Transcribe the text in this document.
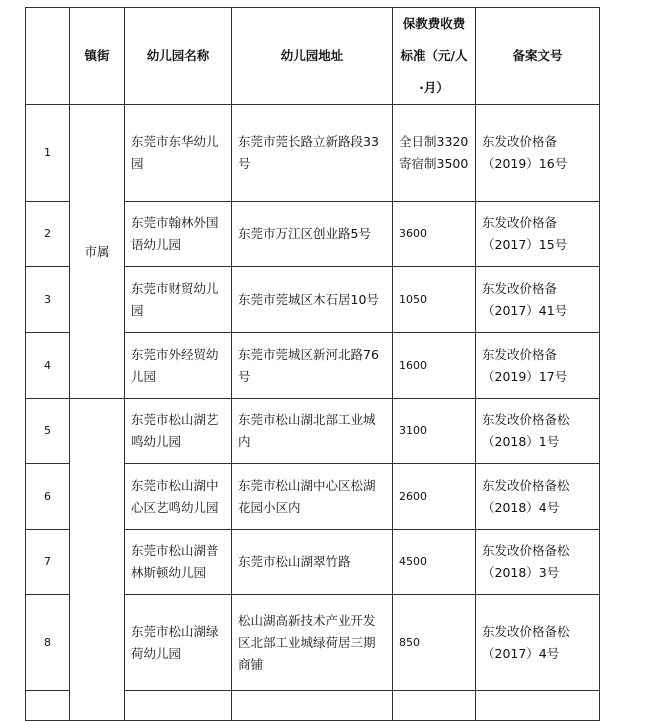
	镇街	幼儿园名称	幼儿园地址	保教费收费标准（元/人·月）	备案文号
1	市属	东莞市东华幼儿园	东莞市莞长路立新路段33号	全日制3320寄宿制3500	东发改价格备（2019）16号
2		东莞市翰林外国语幼儿园	东莞市万江区创业路5号	3600	东发改价格备（2017）15号
3		东莞市财贸幼儿园	东莞市莞城区木石居10号	1050	东发改价格备（2017）41号
4		东莞市外经贸幼儿园	东莞市莞城区新河北路76号	1600	东发改价格备（2019）17号
5		东莞市松山湖艺鸣幼儿园	东莞市松山湖北部工业城内	3100	东发改价格备松（2018）1号
6		东莞市松山湖中心区艺鸣幼儿园	东莞市松山湖中心区松湖花园小区内	2600	东发改价格备松（2018）4号
7		东莞市松山湖普林斯顿幼儿园	东莞市松山湖翠竹路	4500	东发改价格备松（2018）3号
8		东莞市松山湖绿荷幼儿园	松山湖高新技术产业开发区北部工业城绿荷居三期商铺	850	东发改价格备松（2017）4号
